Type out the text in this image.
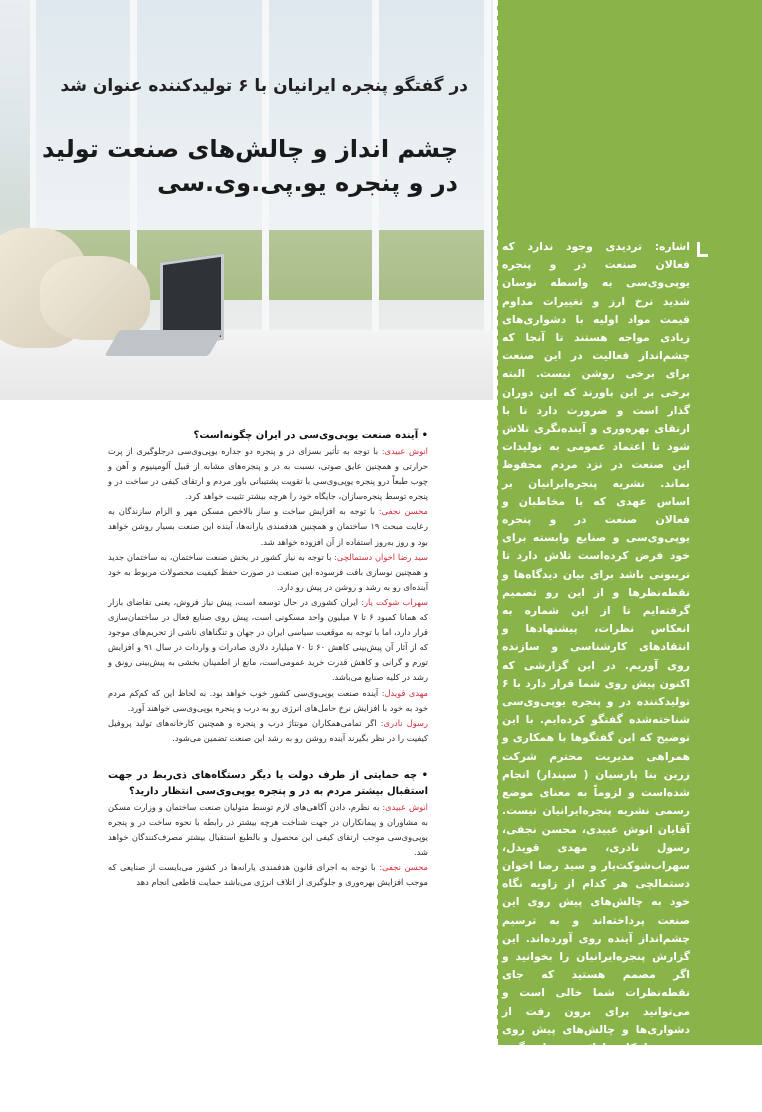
در گفتگو پنجره ایرانیان با ۶ تولیدکننده عنوان شد
چشم انداز و چالش‌های صنعت تولید
در و پنجره یو.پی.وی.سی
اشاره: تردیدی وجود ندارد که فعالان صنعت در و پنجره یوپی‌وی‌سی به واسطه نوسان شدید نرخ ارز و تغییرات مداوم قیمت مواد اولیه با دشواری‌های زیادی مواجه هستند تا آنجا که چشم‌انداز فعالیت در این صنعت برای برخی روشن نیست. البته برخی بر این باورند که این دوران گذار است و ضرورت دارد تا با ارتقای بهره‌وری و آینده‌نگری تلاش شود تا اعتماد عمومی به تولیدات این صنعت در نزد مردم محفوظ بماند. نشریه پنجره‌ایرانیان بر اساس عهدی که با مخاطبان و فعالان صنعت در و پنجره یوپی‌وی‌سی و صنایع وابسته برای خود فرض کرده‌است تلاش دارد تا تریبونی باشد برای بیان دیدگاه‌ها و نقطه‌نظرها و از این رو تصمیم گرفته‌ایم تا از این شماره به انعکاس نظرات، پیشنهادها و انتقادهای کارشناسی و سازنده روی آوریم. در این گزارشی که اکنون پیش روی شما قرار دارد با ۶ تولیدکننده در و پنجره یوپی‌وی‌سی شناخته‌شده گفتگو کرده‌ایم. با این توضیح که این گفتگوها با همکاری و همراهی مدیریت محترم شرکت زرین بنا پارسیان ( سپندار) انجام شده‌است و لزوماً به معنای موضع رسمی نشریه پنجره‌ایرانیان نیست. آقایان انوش عبیدی، محسن نجفی، رسول نادری، مهدی قویدل، سهراب‌شوکت‌یار و سید رضا اخوان دستمالچی هر کدام از زاویه نگاه خود به چالش‌های پیش روی این صنعت پرداخته‌اند و به ترسیم چشم‌انداز آینده روی آورده‌اند. این گزارش پنجره‌ایرانیان را بخوانید و اگر مصمم هستید که جای نقطه‌نظرات شما خالی است و می‌توانید برای برون رفت از دشواری‌ها و چالش‌های پیش روی صنعت راهکاری ارائه دهید، این گوی و این میدان. تنها کافی است با تحریریه پنجره‌ایرانیان در تماس باشید.

• آینده صنعت یوپی‌وی‌سی در ایران چگونه‌است؟

انوش عبیدی: با توجه به تأثیر بسزای در و پنجره دو جداره یوپی‌وی‌سی درجلوگیری از پرت حرارتی و همچنین عایق صوتی، نسبت به در و پنجره‌های مشابه از قبیل آلومینیوم و آهن و چوب طبعاً درو پنجره یوپی‌وی‌سی با تقویت پشتیبانی باور مردم و ارتقای کیفی در ساخت در و پنجره توسط پنجره‌سازان، جایگاه خود را هرچه بیشتر تثبیت خواهد کرد.

محسن نجفی: با توجه به افزایش ساخت و ساز بالاخص مسکن مهر و الزام سازندگان به رعایت مبحث ۱۹ ساختمان و همچنین هدفمندی یارانه‌ها، آینده این صنعت بسیار روشن خواهد بود و روز به‌روز استفاده از آن افزوده خواهد شد.

سید رضا اخوان دستمالچی: با توجه به نیاز کشور در بخش صنعت ساختمان، به ساختمان جدید و همچنین نوسازی بافت فرسوده این صنعت در صورت حفظ کیفیت محصولات مربوط به خود آینده‌ای رو به رشد و روشن در پیش رو دارد.

سهراب شوکت یار: ایران کشوری در حال توسعه است، پیش نیاز فروش، یعنی تقاضای بازار که همانا کمبود ۶ تا ۷ میلیون واحد مسکونی است، پیش روی صنایع فعال در ساختمان‌سازی قرار دارد، اما با توجه به موقعیت سیاسی ایران در جهان و تنگناهای ناشی از تحریم‌های موجود که از آثار آن پیش‌بینی کاهش ۶۰ تا ۷۰ میلیارد دلاری صادرات و واردات در سال ۹۱ و افزایش تورم و گرانی و کاهش قدرت خرید عمومی‌است، مانع از اطمینان بخشی به پیش‌بینی رونق و رشد در کلیه صنایع می‌باشد.

مهدی قویدل: آینده صنعت یوپی‌وی‌سی کشور خوب خواهد بود. به لحاظ این که کم‌کم مردم خود به خود با افزایش نرخ حامل‌های انرژی رو به درب و پنجره یوپی‌وی‌سی خواهند آورد.

رسول نادری: اگر تمامی‌همکاران مونتاژ درب و پنجره و همچنین کارخانه‌های تولید پروفیل کیفیت را در نظر بگیرند آینده روشن رو به رشد این صنعت تضمین می‌شود.

• چه حمایتی از طرف دولت یا دیگر دستگاه‌های ذی‌ربط در جهت استقبال بیشتر مردم به در و پنجره یوپی‌وی‌سی انتظار دارید؟

انوش عبیدی: به نظرم، دادن آگاهی‌های لازم توسط متولیان صنعت ساختمان و وزارت مسکن به مشاوران و پیمانکاران در جهت شناخت هرچه بیشتر در رابطه با نحوه ساخت در و پنجره یوپی‌وی‌سی موجب ارتقای کیفی این محصول و بالطبع استقبال بیشتر مصرف‌کنندگان خواهد شد.

محسن نجفی: با توجه به اجرای قانون هدفمندی یارانه‌ها در کشور می‌بایست از صنایعی که موجب افزایش بهره‌وری و جلوگیری از اتلاف انرژی می‌باشد حمایت قاطعی انجام دهد
